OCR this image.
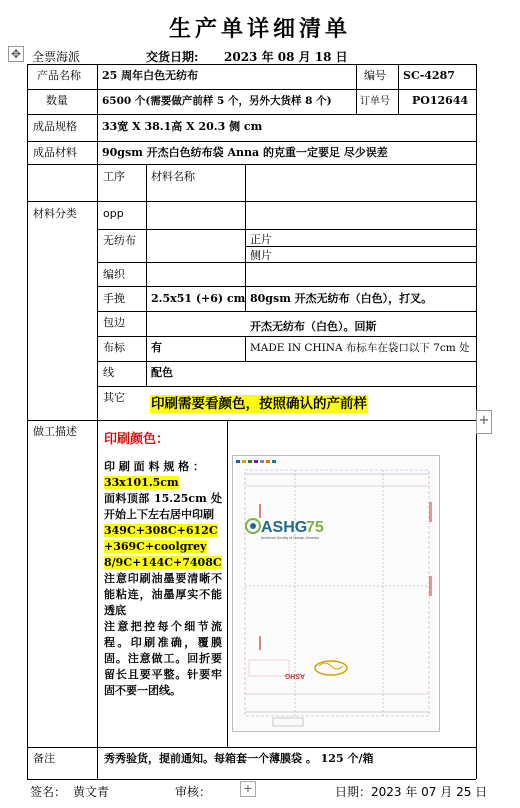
生产单详细清单
✥ 全票海派	交货日期: 2023 年 08 月 18 日
产品名称 25 周年白色无纺布	编号 SC-4287
数量	6500 个(需要做产前样 5 个，另外大货样 8 个)	订单号 PO12644
成品规格 33宽 X 38.1高 X 20.3 侧 cm
成品材料 90gsm 开杰白色纺布袋 Anna 的克重一定要足 尽少误差
工序 材料名称
材料分类 opp
无纺布	正片
侧片
编织
手挽 2.5x51 (+6) cm 80gsm 开杰无纺布（白色），打叉。
包边	开杰无纺布（白色）。回斯
布标 有	MADE IN CHINA 布标车在袋口以下 7cm 处
线	配色
其它 印刷需要看颜色，按照确认的产前样
做工描述
印刷颜色：
印 刷 面 料 规 格 ：
33x101.5cm
面料顶部 15.25cm 处开始上下左右居中印刷
349C+308C+612C+369C+coolgrey 8/9C+144C+7408C
注意印刷油墨要清晰不能粘连，油墨厚实不能透底
注意把控每个细节流程。印刷准确，覆膜固。注意做工。回折要留长且要平整。针要牢固不要一团线。
ASHG
75
American Society of Human Genetics
ASHG
备注	秀秀验货，提前通知。每箱套一个薄膜袋 。 125 个/箱
签名： 黄文青	审核：	+	日期： 2023 年 07 月 25 日
+
